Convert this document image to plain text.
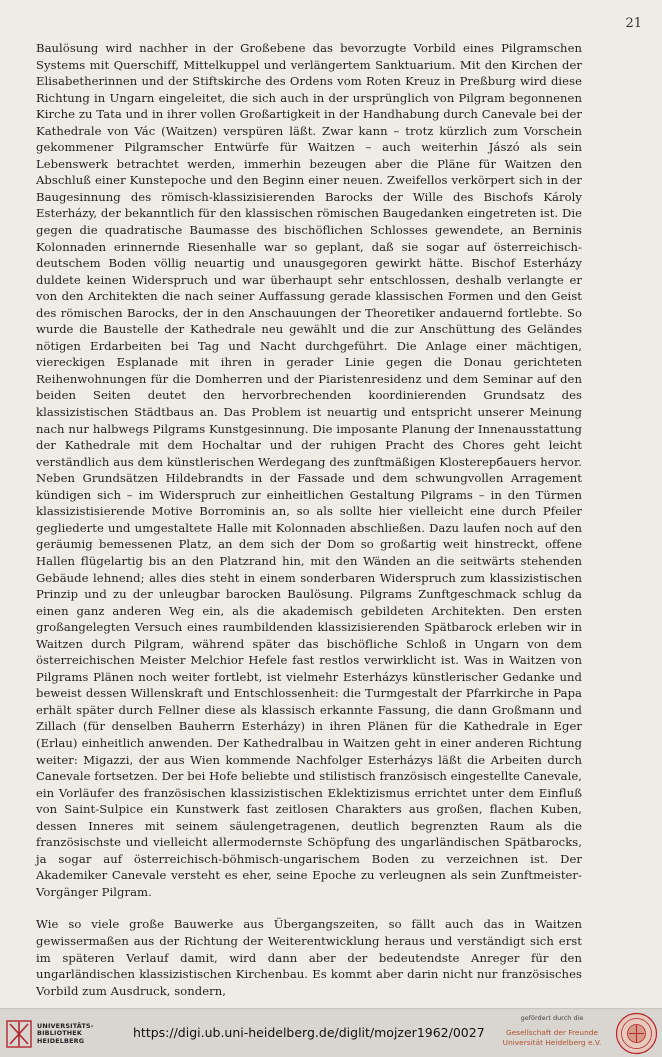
21

Baulösung wird nachher in der Großebene das bevorzugte Vorbild eines Pilgramschen Systems mit Querschiff, Mittelkuppel und verlängertem Sanktuarium. Mit den Kirchen der Elisabetherinnen und der Stiftskirche des Ordens vom Roten Kreuz in Preßburg wird diese Richtung in Ungarn eingeleitet, die sich auch in der ursprünglich von Pilgram begonnenen Kirche zu Tata und in ihrer vollen Großartigkeit in der Handhabung durch Canevale bei der Kathedrale von Vác (Waitzen) verspüren läßt. Zwar kann – trotz kürzlich zum Vorschein gekommener Pilgramscher Entwürfe für Waitzen – auch weiterhin Jászó als sein Lebenswerk betrachtet werden, immerhin bezeugen aber die Pläne für Waitzen den Abschluß einer Kunstepoche und den Beginn einer neuen. Zweifellos verkörpert sich in der Baugesinnung des römisch-klassizisierenden Barocks der Wille des Bischofs Károly Esterházy, der bekanntlich für den klassischen römischen Baugedanken eingetreten ist. Die gegen die quadratische Baumasse des bischöflichen Schlosses gewendete, an Berninis Kolonnaden erinnernde Riesenhalle war so geplant, daß sie sogar auf österreichisch-deutschem Boden völlig neuartig und unausgegoren gewirkt hätte. Bischof Esterházy duldete keinen Widerspruch und war überhaupt sehr entschlossen, deshalb verlangte er von den Architekten die nach seiner Auffassung gerade klassischen Formen und den Geist des römischen Barocks, der in den Anschauungen der Theoretiker andauernd fortlebte. So wurde die Baustelle der Kathedrale neu gewählt und die zur Anschüttung des Geländes nötigen Erdarbeiten bei Tag und Nacht durchgeführt. Die Anlage einer mächtigen, viereckigen Esplanade mit ihren in gerader Linie gegen die Donau gerichteten Reihenwohnungen für die Domherren und der Piaristenresidenz und dem Seminar auf den beiden Seiten deutet den hervorbrechenden koordinierenden Grundsatz des klassizistischen Städtbaus an. Das Problem ist neuartig und entspricht unserer Meinung nach nur halbwegs Pilgrams Kunstgesinnung. Die imposante Planung der Innenausstattung der Kathedrale mit dem Hochaltar und der ruhigen Pracht des Chores geht leicht verständlich aus dem künstlerischen Werdegang des zunftmäßigen Klosterербauers hervor. Neben Grundsätzen Hildebrandts in der Fassade und dem schwungvollen Arragement kündigen sich – im Widerspruch zur einheitlichen Gestaltung Pilgrams – in den Türmen klassizistisierende Motive Borrominis an, so als sollte hier vielleicht eine durch Pfeiler gegliederte und umgestaltete Halle mit Kolonnaden abschließen. Dazu laufen noch auf den geräumig bemessenen Platz, an dem sich der Dom so großartig weit hinstreckt, offene Hallen flügelartig bis an den Platzrand hin, mit den Wänden an die seitwärts stehenden Gebäude lehnend; alles dies steht in einem sonderbaren Widerspruch zum klassizistischen Prinzip und zu der unleugbar barocken Baulösung. Pilgrams Zunftgeschmack schlug da einen ganz anderen Weg ein, als die akademisch gebildeten Architekten. Den ersten großangelegten Versuch eines raumbildenden klassizisierenden Spätbarock erleben wir in Waitzen durch Pilgram, während später das bischöfliche Schloß in Ungarn von dem österreichischen Meister Melchior Hefele fast restlos verwirklicht ist. Was in Waitzen von Pilgrams Plänen noch weiter fortlebt, ist vielmehr Esterházys künstlerischer Gedanke und beweist dessen Willenskraft und Entschlossenheit: die Turmgestalt der Pfarrkirche in Papa erhält später durch Fellner diese als klassisch erkannte Fassung, die dann Großmann und Zillach (für denselben Bauherrn Esterházy) in ihren Plänen für die Kathedrale in Eger (Erlau) einheitlich anwenden. Der Kathedralbau in Waitzen geht in einer anderen Richtung weiter: Migazzi, der aus Wien kommende Nachfolger Esterházys läßt die Arbeiten durch Canevale fortsetzen. Der bei Hofe beliebte und stilistisch französisch eingestellte Canevale, ein Vorläufer des französischen klassizistischen Eklektizismus errichtet unter dem Einfluß von Saint-Sulpice ein Kunstwerk fast zeitlosen Charakters aus großen, flachen Kuben, dessen Inneres mit seinem säulengetragenen, deutlich begrenzten Raum als die französischste und vielleicht allermodernste Schöpfung des ungarländischen Spätbarocks, ja sogar auf österreichisch-böhmisch-ungarischem Boden zu verzeichnen ist. Der Akademiker Canevale versteht es eher, seine Epoche zu verleugnen als sein Zunftmeister-Vorgänger Pilgram.

Wie so viele große Bauwerke aus Übergangszeiten, so fällt auch das in Waitzen gewissermaßen aus der Richtung der Weiterentwicklung heraus und verständigt sich erst im späteren Verlauf damit, wird dann aber der bedeutendste Anreger für den ungarländischen klassizistischen Kirchenbau. Es kommt aber darin nicht nur französisches Vorbild zum Ausdruck, sondern,

UNIVERSITÄTS-
BIBLIOTHEK
HEIDELBERG
https://digi.ub.uni-heidelberg.de/diglit/mojzer1962/0027
gefördert durch die
Gesellschaft der Freunde
Universität Heidelberg e.V.
